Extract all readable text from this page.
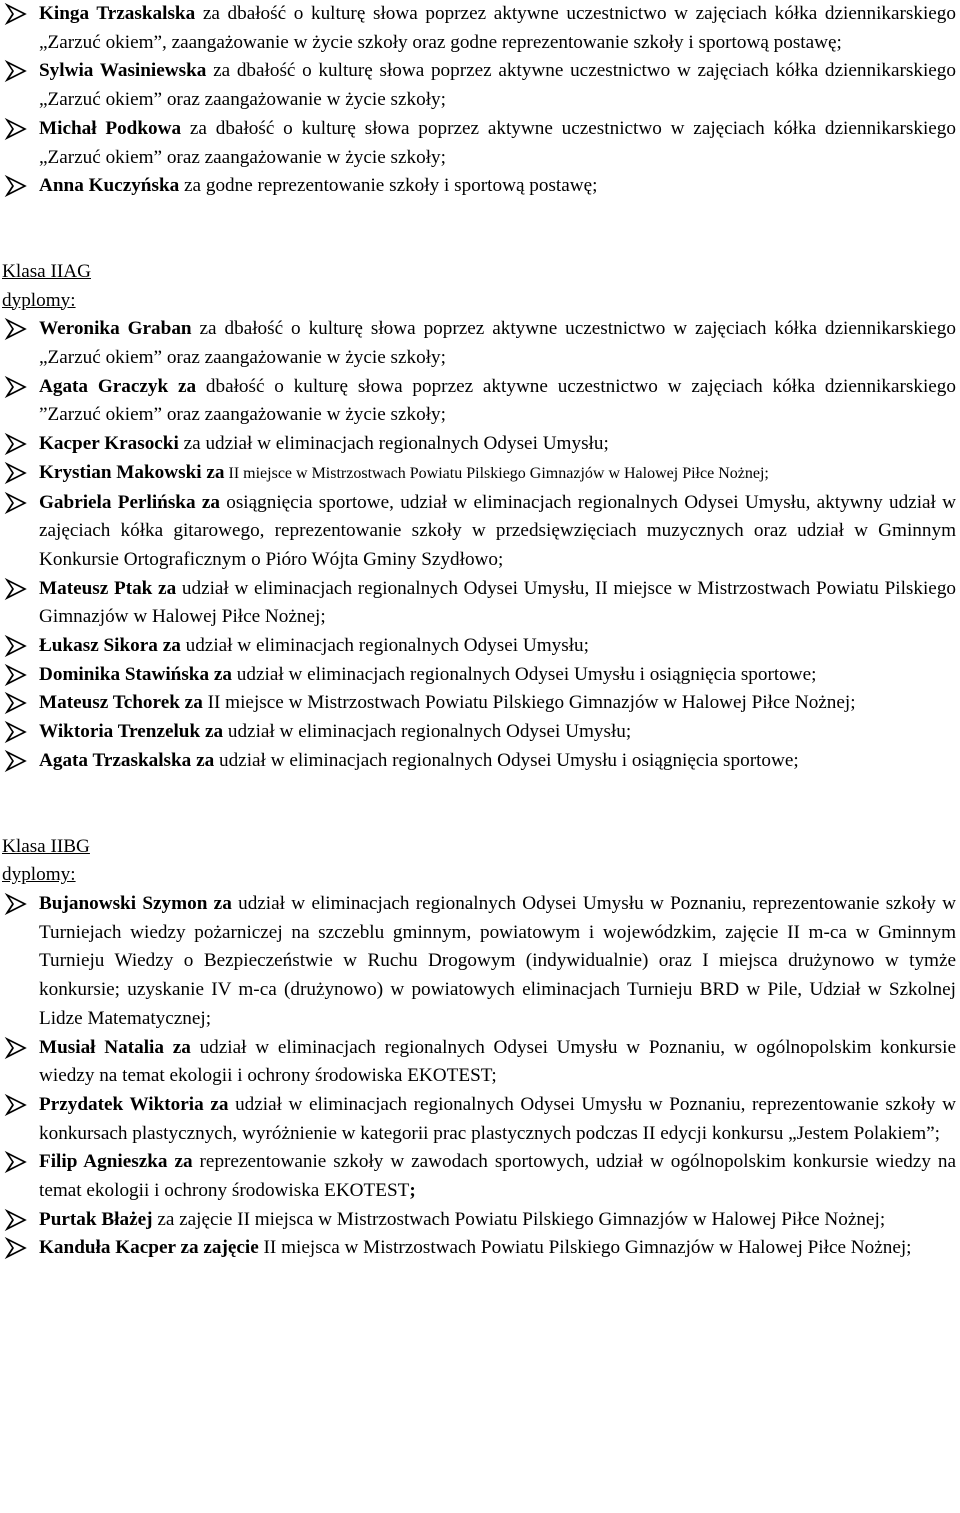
Kinga Trzaskalska za dbałość o kulturę słowa poprzez aktywne uczestnictwo w zajęciach kółka dziennikarskiego „Zarzuć okiem”, zaangażowanie w życie szkoły oraz godne reprezentowanie szkoły i sportową postawę;
Sylwia Wasiniewska za dbałość o kulturę słowa poprzez aktywne uczestnictwo w zajęciach kółka dziennikarskiego „Zarzuć okiem” oraz zaangażowanie w życie szkoły;
Michał Podkowa za dbałość o kulturę słowa poprzez aktywne uczestnictwo w zajęciach kółka dziennikarskiego „Zarzuć okiem” oraz zaangażowanie w życie szkoły;
Anna Kuczyńska za godne reprezentowanie szkoły i sportową postawę;
Klasa IIAG
dyplomy:
Weronika Graban za dbałość o kulturę słowa poprzez aktywne uczestnictwo w zajęciach kółka dziennikarskiego „Zarzuć okiem” oraz zaangażowanie w życie szkoły;
Agata Graczyk za dbałość o kulturę słowa poprzez aktywne uczestnictwo w zajęciach kółka dziennikarskiego ”Zarzuć okiem” oraz zaangażowanie w życie szkoły;
Kacper Krasocki za udział w eliminacjach regionalnych Odysei Umysłu;
Krystian Makowski za II miejsce w Mistrzostwach Powiatu Pilskiego Gimnazjów w Halowej Piłce Nożnej;
Gabriela Perlińska za osiągnięcia sportowe, udział w eliminacjach regionalnych Odysei Umysłu, aktywny udział w zajęciach kółka gitarowego, reprezentowanie szkoły w przedsięwzięciach muzycznych oraz udział w Gminnym Konkursie Ortograficznym o Pióro Wójta Gminy Szydłowo;
Mateusz Ptak za udział w eliminacjach regionalnych Odysei Umysłu, II miejsce w Mistrzostwach Powiatu Pilskiego Gimnazjów w Halowej Piłce Nożnej;
Łukasz Sikora za udział w eliminacjach regionalnych Odysei Umysłu;
Dominika Stawińska za udział w eliminacjach regionalnych Odysei Umysłu i osiągnięcia sportowe;
Mateusz Tchorek za II miejsce w Mistrzostwach Powiatu Pilskiego Gimnazjów w Halowej Piłce Nożnej;
Wiktoria Trenzeluk za udział w eliminacjach regionalnych Odysei Umysłu;
Agata Trzaskalska za udział w eliminacjach regionalnych Odysei Umysłu i osiągnięcia sportowe;
Klasa IIBG
dyplomy:
Bujanowski Szymon za udział w eliminacjach regionalnych Odysei Umysłu w Poznaniu, reprezentowanie szkoły w Turniejach wiedzy pożarniczej na szczeblu gminnym, powiatowym i wojewódzkim, zajęcie II m-ca w Gminnym Turnieju Wiedzy o Bezpieczeństwie w Ruchu Drogowym (indywidualnie) oraz I miejsca drużynowo w tymże konkursie; uzyskanie IV m-ca (drużynowo) w powiatowych eliminacjach Turnieju BRD w Pile, Udział w Szkolnej Lidze Matematycznej;
Musiał Natalia za udział w eliminacjach regionalnych Odysei Umysłu w Poznaniu, w ogólnopolskim konkursie wiedzy na temat ekologii i ochrony środowiska EKOTEST;
Przydatek Wiktoria za udział w eliminacjach regionalnych Odysei Umysłu w Poznaniu, reprezentowanie szkoły w konkursach plastycznych, wyróżnienie w kategorii prac plastycznych podczas II edycji konkursu „Jestem Polakiem”;
Filip Agnieszka za reprezentowanie szkoły w zawodach sportowych, udział w ogólnopolskim konkursie wiedzy na temat ekologii i ochrony środowiska EKOTEST;
Purtak Błażej za zajęcie II miejsca w Mistrzostwach Powiatu Pilskiego Gimnazjów w Halowej Piłce Nożnej;
Kanduła Kacper za zajęcie II miejsca w Mistrzostwach Powiatu Pilskiego Gimnazjów w Halowej Piłce Nożnej;
